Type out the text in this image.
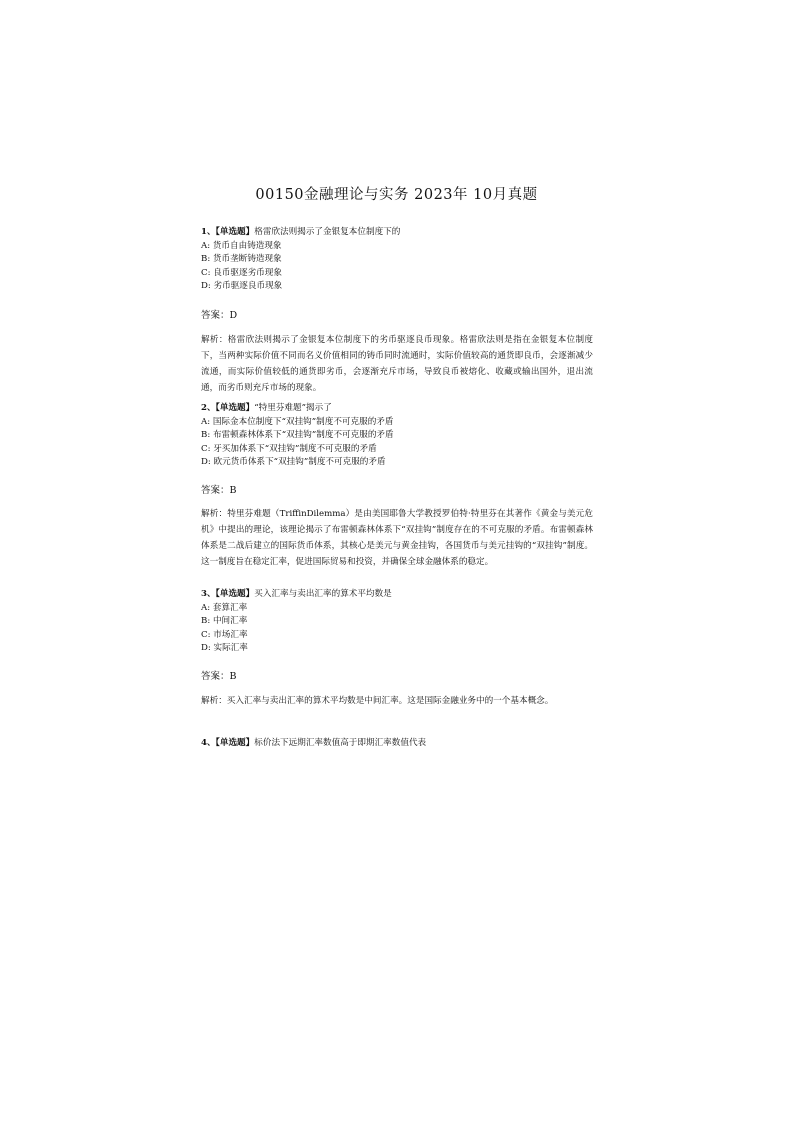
00150金融理论与实务 2023年 10月真题
1、【单选题】格雷欣法则揭示了金银复本位制度下的
A: 货币自由铸造现象
B: 货币垄断铸造现象
C: 良币驱逐劣币现象
D: 劣币驱逐良币现象
答案：D
解析：格雷欣法则揭示了金银复本位制度下的劣币驱逐良币现象。格雷欣法则是指在金银复本位制度下，当两种实际价值不同而名义价值相同的铸币同时流通时，实际价值较高的通货即良币，会逐渐减少流通，而实际价值较低的通货即劣币，会逐渐充斥市场，导致良币被熔化、收藏或输出国外，退出流通，而劣币则充斥市场的现象。
2、【单选题】“特里芬难题”揭示了
A: 国际金本位制度下“双挂钩”制度不可克服的矛盾
B: 布雷顿森林体系下“双挂钩”制度不可克服的矛盾
C: 牙买加体系下“双挂钩”制度不可克服的矛盾
D: 欧元货币体系下“双挂钩”制度不可克服的矛盾
答案：B
解析：特里芬难题（TriffinDilemma）是由美国耶鲁大学教授罗伯特·特里芬在其著作《黄金与美元危机》中提出的理论，该理论揭示了布雷顿森林体系下“双挂钩”制度存在的不可克服的矛盾。布雷顿森林体系是二战后建立的国际货币体系，其核心是美元与黄金挂钩，各国货币与美元挂钩的“双挂钩”制度。这一制度旨在稳定汇率，促进国际贸易和投资，并确保全球金融体系的稳定。
3、【单选题】买入汇率与卖出汇率的算术平均数是
A: 套算汇率
B: 中间汇率
C: 市场汇率
D: 实际汇率
答案：B
解析：买入汇率与卖出汇率的算术平均数是中间汇率。这是国际金融业务中的一个基本概念。
4、【单选题】标价法下远期汇率数值高于即期汇率数值代表
